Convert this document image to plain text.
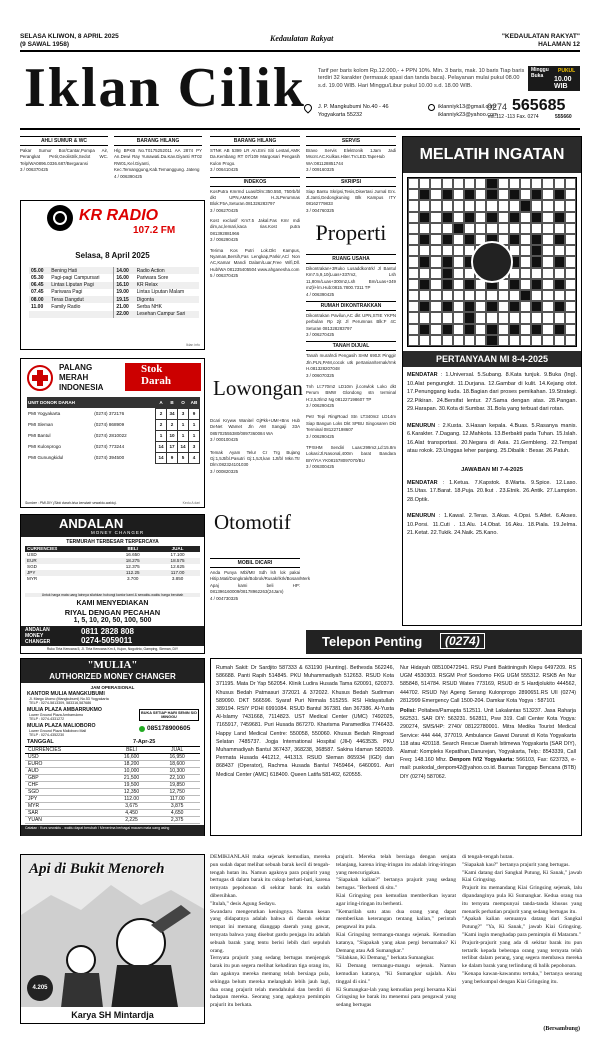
SELASA KLIWON, 8 APRIL 2025
(9 SAWAL 1958)
Kedaulatan Rakyat	"KEDAULATAN RAKYAT"
HALAMAN 12
Iklan Cilik Tarif per baris kolom Rp.12.000,- + PPN 10%. Min. 3 baris, mak. 10 baris Tiap baris terdiri 32 karakter (termasuk spasi dan tanda baca). Pelayanan mulai pukul 08.00 s.d. 19.00 WIB. Hari Minggu/Libur pukul 10.00 s.d. 18.00 WIB.
Minggu Buka
PUKUL
10.00 WIB
J. P. Mangkubumi No.40 - 46
Yogyakarta 55232
iklanniyk13@gmail.com
iklanniyk23@yahoo.com
0274 565685
ext.112 -113 Fax. 0274	555660
AHLI SUMUR & WC
Pakar Sumur Bor/Cantar,Pompa Air, Perangkat Petir,Geolistrik,Sedot WC. Telp/WA0896.0336.687/Bergaransi
3 / 006370425
KR RADIO
107.2 FM
Selasa, 8 April 2025
05.00	Bening Hati	14.00	Radio Action
05.30	Pagi-pagi Campursari	16.00	Pariwara Sore
06.45	Lintas Liputan Pagi	16.10	KR Relax
07.45	Pariwara Pagi	19.00	Lintas Liputan Malam
08.00	Teras Dangdut	19.15	Digonta
11.00	Family Radio	21.00	Serba NHK
		22.00	Lesehan Campur Sari
Iklan info
PALANG
MERAH
INDONESIA
Stok
Darah
UNIT DONOR DARAH		A	B	O	AB
PMI Yogyakarta	(0274) 372176	2	34	3	9
PMI Sleman	(0274) 868909	2	2	1	1
PMI Bantul	(0274) 2810022	1	10	1	1
PMI Kulonprogo	(0274) 773244	14	17	14	3
PMI Gunungkidul	(0274) 394500	14	9	5	4
Sumber : PMI DIY (Stok darah bisa berubah sewaktu-waktu).	Kedu A dari
ANDALAN
MONEY CHANGER
TERMURAH TERBESAR TERPERCAYA
CURRENCIES	BELI	JUAL
USD	16.650	17.100
EUR	18.275	18.575
SGD	12.375	12.625
JPY	112.25	117.00
MYR	3.700	3.850
Untuk harga mata uang lainnya silahkan hubungi kantor kami & sewaktu-waktu harga berubah
KAMI MENYEDIAKAN
RIYAL DENGAN PECAHAN
1, 5, 10, 20, 50, 100, 500
ANDALAN
MONEY
CHANGER
0811 2828 808
0274-5059011
Ruko Tirta Kencana 5, Jl. Tirta Kencana Km 4, Kujon, Nogotirto, Gamping, Sleman, DIY
"MULIA"
AUTHORIZED MONEY CHANGER
JAM OPERASIONAL
KANTOR MULIA MANGKUBUMI
Jl. Margo Utomo (Mangkubumi) No.53 Yogyakarta
TELP : 0274-5813309, 583316,587686
MULIA PLAZA AMBARRUKMO
Lower Ground Plaza Ambarrukmo
TELP : 0274-4331272
MULIA PLAZA MALIOBORO
Lower Ground Plaza Malioboro Mall
TELP : 0274-4352230
BUKA SETIAP HARI SENIN S/D MINGGU
085178900605
TANGGAL	7-Apr-25
CURRENCIES	BELI	JUAL
USD	16,600	16,950
EURO	18,200	18,600
AUD	10,000	10,300
GBP	21,500	22,100
CHF	19,500	19,850
SGD	12,350	12,750
JPY	112.00	117.00
MYR	3,675	3,875
SAR	4,450	4,650
YUAN	2,225	2,375
Catatan : Kurs sewaktu - waktu dapat berubah / Menerima berbagai macam mata uang asing
BARANG HILANG
Hlg BPKB No.T0175252011 AA 2874 PY An.Dewi Ray Yunawati.Da.Kav.Giyanti RT02 RW01,Kel.Giyanti, Kec.Temanggung,Kab.Temanggung. Jateng
4 / 006390425
Lowongan
Otomotif
MOBIL DICARI
Anda Punya Mbl/Mtr Sdh lsh lok pakai Hitip.Mati/Dongkrak/Bobrok/Rusak/Ikrk/Bosan/Merk Apaj kami beli HP: 081396160009/08178962263(24Jam)
4 / 004730325
BARANG HILANG
STNK AB 5399 LR An.Emi Siti Lestari,AMK Da.Kembang RT 07/109 Margosari Pengasih Kulon Progo.
3 / 006410425
INDEKOS
KosPutra Kmrmd Luas/Dlm:350.550, 750rb/bl dkt UPN,AMIKOM H.JLPerumnas Blok:F5A,Seturan.081326283797
3 / 006270425
Kost exclusif Km7.5 Jakal.Fas Kmr mdi dim,ac,lemari,kaca rias.Kost putra 081392881966
3 / 006290425
Terima Kos Putri Lok.Dkt Kampus, Nyaman,Bersih,Fas Lengkap,Parkir,AC/ Non AC,Kamar Mandi Dalam/Luar,Free Wifi,Dll. Hub/WA 081235405504 www.ahganesha.com
5 / 006370425
Dcari Kryww Wanitel GjPkk+UMr+Bns Hub DeNet Wamet Jln AM Sangaji 33A 085702555380/0897360084 WA
3 / 000100425
Temak Ayam Telur Cr Trg Bujang Gj:1,5Jt/bl.Pasutri Gj:1,5Jt,kan 1Jt/bl Mkn.Ttr Dlm:082324101030
3 / 000820325
SERVIS
Bravo Servis Elektronik 1Jam Jadi Mscnt.AC.Kulkas.Hiter.TV.LED.TapeHub WA:081128851744
3 / 009160325
SKRIPSI
Siap Bantu Skripsi,Tesis,Disertasi Jurnal Erx. Jl.Janti,Gedongkuning Blk Kampus ITY 08162779833
3 / 004760325
Properti
RUANG USAHA
Dikontrakan+3Ruko Lusaddkontrk/ Jl Bantul Km7.5,9,10(Luas+337m2, Lsh 11,80m/Luas+300m2,Lsh Bm/Luas+349 m2)l+lm.Hub:0815.7800.7311 TP
4 / 006390425
RUMAH DIKONTRAKKAN
Dikontrakan Pavilun,AC dkt UPN,STIE YKPN perbulan Rp 2jt Jl Perumnas Blk:F 4C Seturan 081328283797
3 / 006270425
TANAH DIJUAL
Tanah murah!di Pengasih SHM 690Jt Pinggir Jln.PLN,PAM,cocok utk pertanian/ternak/rmk H.081328207048
3 / 006070325
Tnh Lt:770m2 LD10m jl.corwlok Loko dkt Perum BMW Glondong stn terminal H:2,5Jt/m2 Ng 081227198607 TP
3 / 006290425
Petr Tepi RingRoad Stn LT340m2 LD14m Siap Bangun Loks Dkt SPBU Singosaren Dkt Terminal 081227198607
3 / 006290425
TP!SHM Sendiri Luas:299m2,Ld:15.8m Lokasi:Jl.Nasonal,400m barat Bandara BIY/YIA YK081578097070/BU
3 / 006300425
MELATIH INGATAN
PERTANYAAN MI 8-4-2025
MENDATAR : 1.Universal. 5.Subang. 8.Kata tunjuk. 9.Buka (Ing). 10.Alat pengungkit. 11.Durjana. 12.Gambar di kulit. 14.Kejang otot. 17.Penunggang kuda. 18.Bagian dari proses pemikahan. 19.Strategi. 22.Pikiran. 24.Bersifat lentur. 27.Sama dengan atas. 28.Pangan. 29.Harapan. 30.Kota di Sumbar. 31.Bola yang terbuat dari rotan.
MENURUN : 2.Kusta. 3.Hasan kepala. 4.Buas. 5.Rasanya manis. 6.Karakter. 7.Dagang. 12.Mahkota. 13.Berbakti pada Tuhan. 15.Islah. 16.Alat transportasi. 20.Negara di Asia. 21.Gembleng. 22.Tempat atau rokok. 23.Unggas leher panjang. 25.Dibalik : Besar. 26.Patuh.
JAWABAN MI 7-4-2025
MENDATAR : 1.Ketua. 7.Kapstok. 8.Warta. 9.Spice. 12.Laso. 15.Utas. 17.Barat. 18.Puja. 20.Ikut . 23.Etnik. 26.Antik. 27.Lampion. 28.Optik.
MENURUN : 1.Kawal. 2.Teras. 3.Akas. 4.Opsi. 5.Atlet. 6.Akses. 10.Porsi. 11.Cuti . 13.Alu. 14.Obat. 16.Aku. 18.Piala. 19.Jelma. 21.Ketat. 22.Tukik. 24.Naik. 25.Kano.
Telepon Penting	(0274)
Rumah Sakit: Dr Sardjito 587333 & 631190 (Hunting). Bethesda 562246, 586688. Panti Rapih 514845. PKU Muhammadiyah 512653. RSUD Kota 371195. Mata Dr Yap 562054. Klinik Ludira Husada Tama 620091, 620373. Khusus Bedah Patmasuri 372021 & 372022. Khusus Bedah Sudirman 589090. DKT 566596. Syaraf Puri Nirmala 515255. RSI Hidayatullah 389194. RSIY PDHI 6991084. RSUD Bantul 367381 dan 367386. Al-Yusta Al-Islamy 7431668, 7114823. UST Medical Center (UMC) 7492025, 7165917, 7459681. Puri Husada 867270. Kharisma Paramedika 7746433. Happy Land Medical Centre: 550058, 550060. Khusus Bedah Ringroad Selatan 7485737. Jogja International Hospital (JIH) 4463535. PKU Muhammadiyah Bantul 367437, 368238, 368587. Sakina Idaman 582039. Permata Husada 441212, 441313. RSUD Sleman 865934 (IGD) dan 868437 (Operator), Rachma Husada Bantul 7459464, 6460091. Asri Medical Center (AMC) 618400. Queen Latifa 581402, 620555.
Nur Hidayah 085100472941. RSU Panti Baktiningsih Klepu 6497209. RS UGM 4530303. RSGM Prof Soedomo FKG UGM 555312. RSKB An Nur 585848, 514784. RSUD Wates 773169, RSUD dr S Hardjolukito 444562, 444702. RSUD Nyi Ageng Serang Kulonprogo 2890651.RS UII (0274) 2812999 Emergency Call 1500-204. Damkar Kota Yogya : 587101
Polisi: Poltabes/Pamapta 512511. Unit Lakalantas 513237. Jasa Raharja 562531. SAR DIY: 563231. 562811, Psw 319. Call Center Kota Yogya: 290274, SMS/HP: 2740/ 08122780001. Mitra Medika Tourist Medical Service: 444 444, 377019. Ambulance Gawat Darurat di Kota Yogyakarta 118 atau 420118. Search Rescue Daerah Istimewa Yogyakarta (SAR DIY), Alamat: Kompleks Kepatihan,Danurejan, Yogyakarta, Telp.: 8543339, Call Freq: 148.160 Mhz. Denpom IV/2 Yogyakarta: 566103, Fax: 623733, e-mail: puskodal_denpom42@yahoo.co.id. Basnas Tanggap Bencana (BTB) DIY (0274) 587062.
Api di Bukit Menoreh
4.205
Karya SH Mintardja
DEMIKIANLAH maka sejenak kemudian, mereka pun sudah dapat melihat sebuah barak kecil di tengah-tengah hutan itu. Namun agaknya para prajurit yang bertugas di dalam barak itu cukup berhati-hati, karena ternyata pepohonan di sekitar barak itu sudah dibersihkan.
"Itulah," desis Agung Sedayu.
Swandaru mengerutkan keningnya. Namun kesan yang didapatnya adalah bahwa di daerah sekitar tempat ini memang dianggap daerah yang gawat, ternyata bahwa yang disebut gardu penjaga itu adalah sebuah barak yang tentu berisi lebih dari sepuluh orang.
Ternyata prajurit yang sedang bertugas menjenguk barak itu pun segera melihat kehadiran tiga orang itu, dan agaknya mereka memang telah bersiaga pula, sehingga belum mereka melangkah lebih jauh lagi, dua orang prajurit telah mendahului dan berdiri di hadapan mereka. Seorang yang agaknya pemimpin prajurit itu berkata.
prajurit. Mereka telah bersiaga dengan senjata telanjang, karena iring-iringan itu adalah iring-iringan yang mencurigakan.
"Siapakah kalian?" bertanya prajurit yang sedang bertugas. "Berhenti di situ."
Kiai Gringsing pun kemudian memberikan isyarat agar iring-iringan itu berhenti.
"Kemarilah satu atau dua orang yang dapat memberikan keterangan tentang kalian," perintah pengawal itu pula.
Kiai Gringsing termangu-mangu sejenak. Kemudian katanya, "Siapakah yang akan pergi bersamaku? Ki Demang atau Adi Sumangkar."
"Silahkan, Ki Demang," berkata Sumangkar.
Ki Demang termangu-mangu sejenak. Namun kemudian katanya, "Ki Sumangkar sajalah. Aku tinggal di sini."
Ki Sumangkar-lah yang kemudian pergi bersama Kiai Gringsing ke barak itu menemui para pengawal yang sedang bertugas
di tengah-tengah hutan.
"Siapakah kau?" bertanya prajurit yang bertugas.
"Kami datang dari Sangkal Putung, Ki Sanak," jawab Kiai Gringsing.
Prajurit itu memandang Kiai Gringsing sejenak, lalu dipandanginya pula Ki Sumangkar. Kedua orang tua itu ternyata mempunyai tanda-tanda khusus yang menarik perhatian prajurit yang sedang bertugas itu.
"Apakah kalian semuanya datang dari Sangkal Putung?" "Ya, Ki Sanak," jawab Kiai Gringsing. "Kami ingin menghadap para pemimpin di Mataram."
Prajurit-prajurit yang ada di sekitar barak itu pun tertarik kepada beberapa orang yang ternyata telah terlibat dalam perang, yang segera membawa mereka ke dalam barak yang terlindung di balik pepohonan.
"Kenapa kawan-kawanmu tertuka," bertanya seorang yang berkumpul dengan Kiai Gringsing itu.
(Bersambung)
